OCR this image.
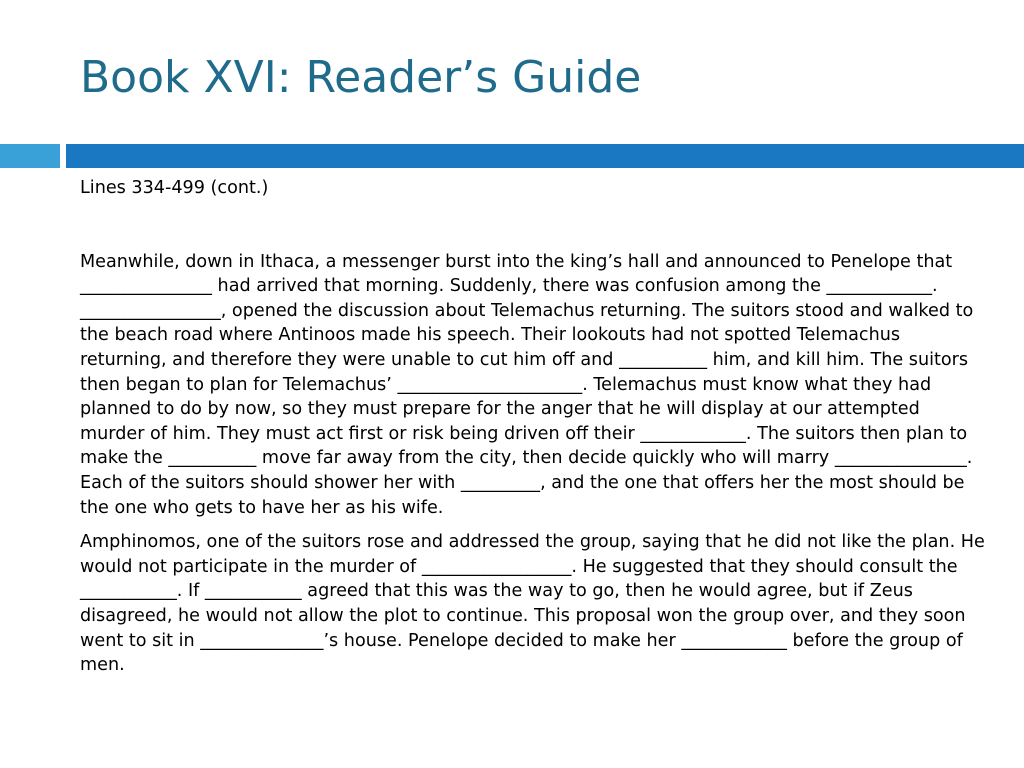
Book XVI: Reader’s Guide

Lines 334-499 (cont.)

Meanwhile, down in Ithaca, a messenger burst into the king’s hall and announced to Penelope that _______________ had arrived that morning. Suddenly, there was confusion among the ____________. ________________, opened the discussion about Telemachus returning. The suitors stood and walked to the beach road where Antinoos made his speech. Their lookouts had not spotted Telemachus returning, and therefore they were unable to cut him off and __________ him, and kill him. The suitors then began to plan for Telemachus’ _____________________. Telemachus must know what they had planned to do by now, so they must prepare for the anger that he will display at our attempted murder of him. They must act first or risk being driven off their ____________. The suitors then plan to make the __________ move far away from the city, then decide quickly who will marry _______________. Each of the suitors should shower her with _________, and the one that offers her the most should be the one who gets to have her as his wife.

Amphinomos, one of the suitors rose and addressed the group, saying that he did not like the plan. He would not participate in the murder of _________________. He suggested that they should consult the ___________. If ___________ agreed that this was the way to go, then he would agree, but if Zeus disagreed, he would not allow the plot to continue. This proposal won the group over, and they soon went to sit in ______________’s house. Penelope decided to make her ____________ before the group of men.
